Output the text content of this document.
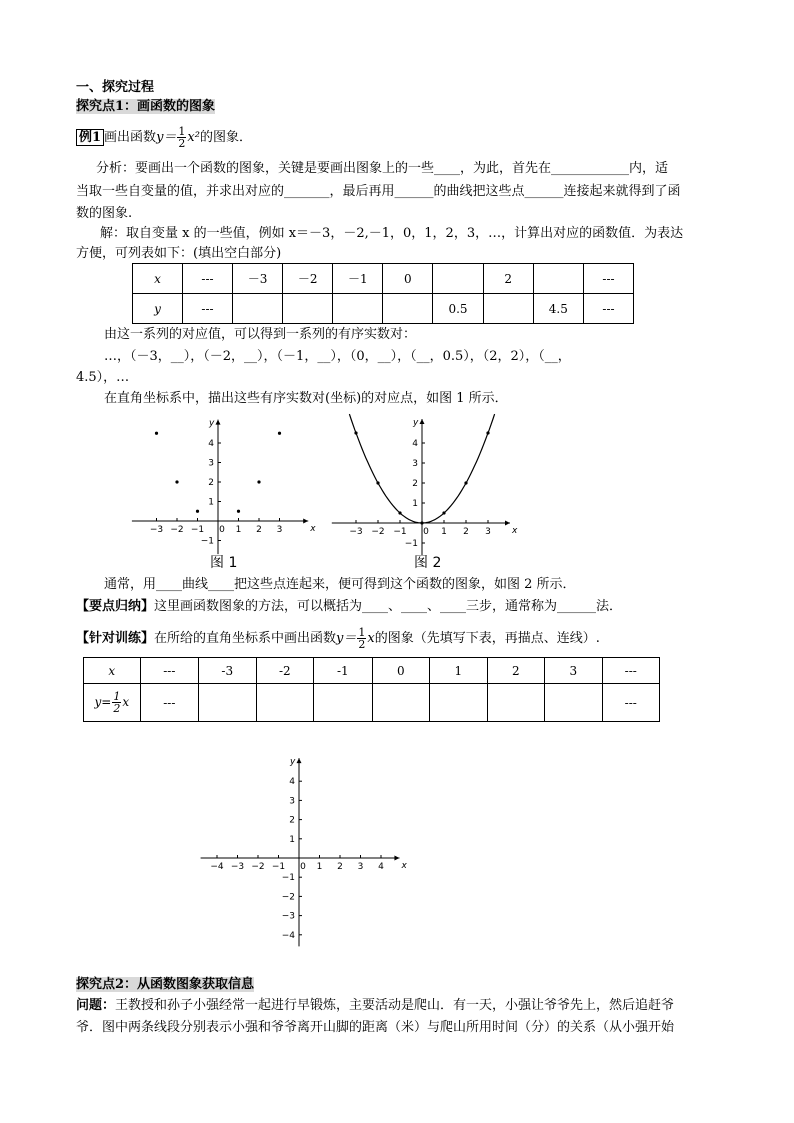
一、探究过程
探究点1：画函数的图象
例1 画出函数$y= \frac{1}{2} x^2$的图象．
分析：要画出一个函数的图象，关键是要画出图象上的一些____，为此，首先在____________内，适
当取一些自变量的值，并求出对应的_______，最后再用______的曲线把这些点______连接起来就得到了函
数的图象.
解：取自变量 x 的一些值，例如 x＝－3，－2,－1，0，1，2，3，…，计算出对应的函数值．为表达
方便，可列表如下：(填出空白部分)
x	---	－3	－2	－1	0		2		---
y	---					0.5		4.5	---
由这一系列的对应值，可以得到一系列的有序实数对：
…，（－3，__），（－2，__），（－1，__），（0，__），（__，0.5），（2，2），（__，
4.5），…
在直角坐标系中，描出这些有序实数对(坐标)的对应点，如图 1 所示．
−3 −2 −1 0 1 2 3
4
3
2
1
−1
x
y
图 1
−3 −2 −1 0 1 2 3
4
3
2
1
−1
x
y
图 2
通常，用____曲线____把这些点连起来，便可得到这个函数的图象，如图 2 所示．
【要点归纳】这里画函数图象的方法，可以概括为____、____、____三步，通常称为______法．
【针对训练】在所给的直角坐标系中画出函数$y= \frac{1}{2}$ x的图象（先填写下表，再描点、连线）.
x	---	-3	-2	-1	0	1	2	3	---
$y= \frac{1}{2}$ x	---								---
−4 −3 −2 −1 0 1 2 3 4
4
3
2
1
−1
−2
−3
−4
x
y
探究点2：从函数图象获取信息
问题：王教授和孙子小强经常一起进行早锻炼，主要活动是爬山．有一天，小强让爷爷先上，然后追赶爷
爷．图中两条线段分别表示小强和爷爷离开山脚的距离（米）与爬山所用时间（分）的关系（从小强开始
